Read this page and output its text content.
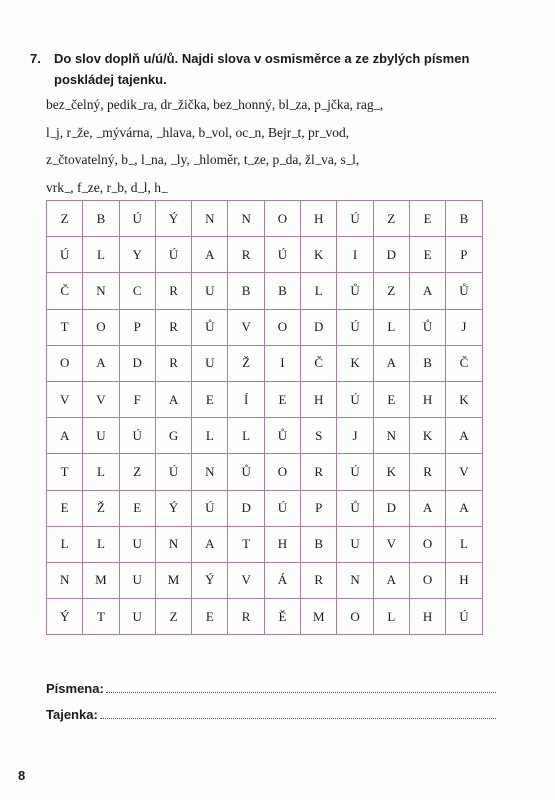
7.	Do slov doplň u/ú/ů. Najdi slova v osmisměrce a ze zbylých písmen poskládej tajenku.
bez.....čelný, pedik.....ra, dr.....žička, bez.....honný, bl.....za, p.....jčka, rag.....,
l.....j, r.....že, .....mývárna, .....hlava, b.....vol, oc.....n, Bejr.....t, pr.....vod,
z.....čtovatelný, b....., l.....na, .....ly, .....hloměr, t.....ze, p.....da, žl.....va, s.....l,
vrk....., f.....ze, r.....b, d.....l, h.....
Z	B	Ú	Ý	N	N	O	H	Ú	Z	E	B
Ú	L	Y	Ú	A	R	Ú	K	I	D	E	P
Č	N	C	R	U	B	B	L	Ů	Z	A	Ů
T	O	P	R	Ů	V	O	D	Ú	L	Ů	J
O	A	D	R	U	Ž	I	Č	K	A	B	Č
V	V	F	A	E	Í	E	H	Ú	E	H	K
A	U	Ú	G	L	L	Ů	S	J	N	K	A
T	L	Z	Ú	N	Ů	O	R	Ú	K	R	V
E	Ž	E	Ý	Ú	D	Ú	P	Ů	D	A	A
L	L	U	N	A	T	H	B	U	V	O	L
N	M	U	M	Ý	V	Á	R	N	A	O	H
Ý	T	U	Z	E	R	Ě	M	O	L	H	Ú
Písmena:
Tajenka:
8
